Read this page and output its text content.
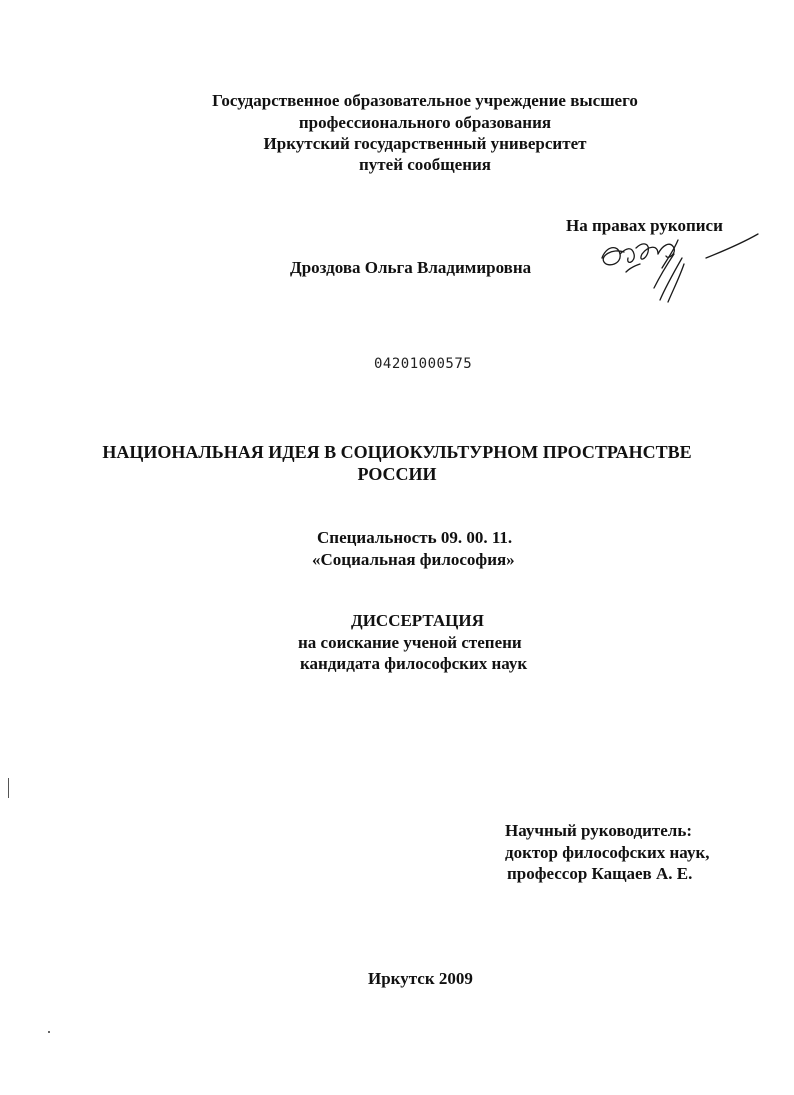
Государственное образовательное учреждение высшего
профессионального образования
Иркутский государственный университет
путей сообщения
На правах рукописи
Дроздова Ольга Владимировна
04201000575
НАЦИОНАЛЬНАЯ ИДЕЯ В СОЦИОКУЛЬТУРНОМ ПРОСТРАНСТВЕ
РОССИИ
Специальность 09. 00. 11.
«Социальная философия»
ДИССЕРТАЦИЯ
на соискание ученой степени
кандидата философских наук
Научный руководитель:
доктор философских наук,
профессор Кащаев А. Е.
Иркутск 2009
